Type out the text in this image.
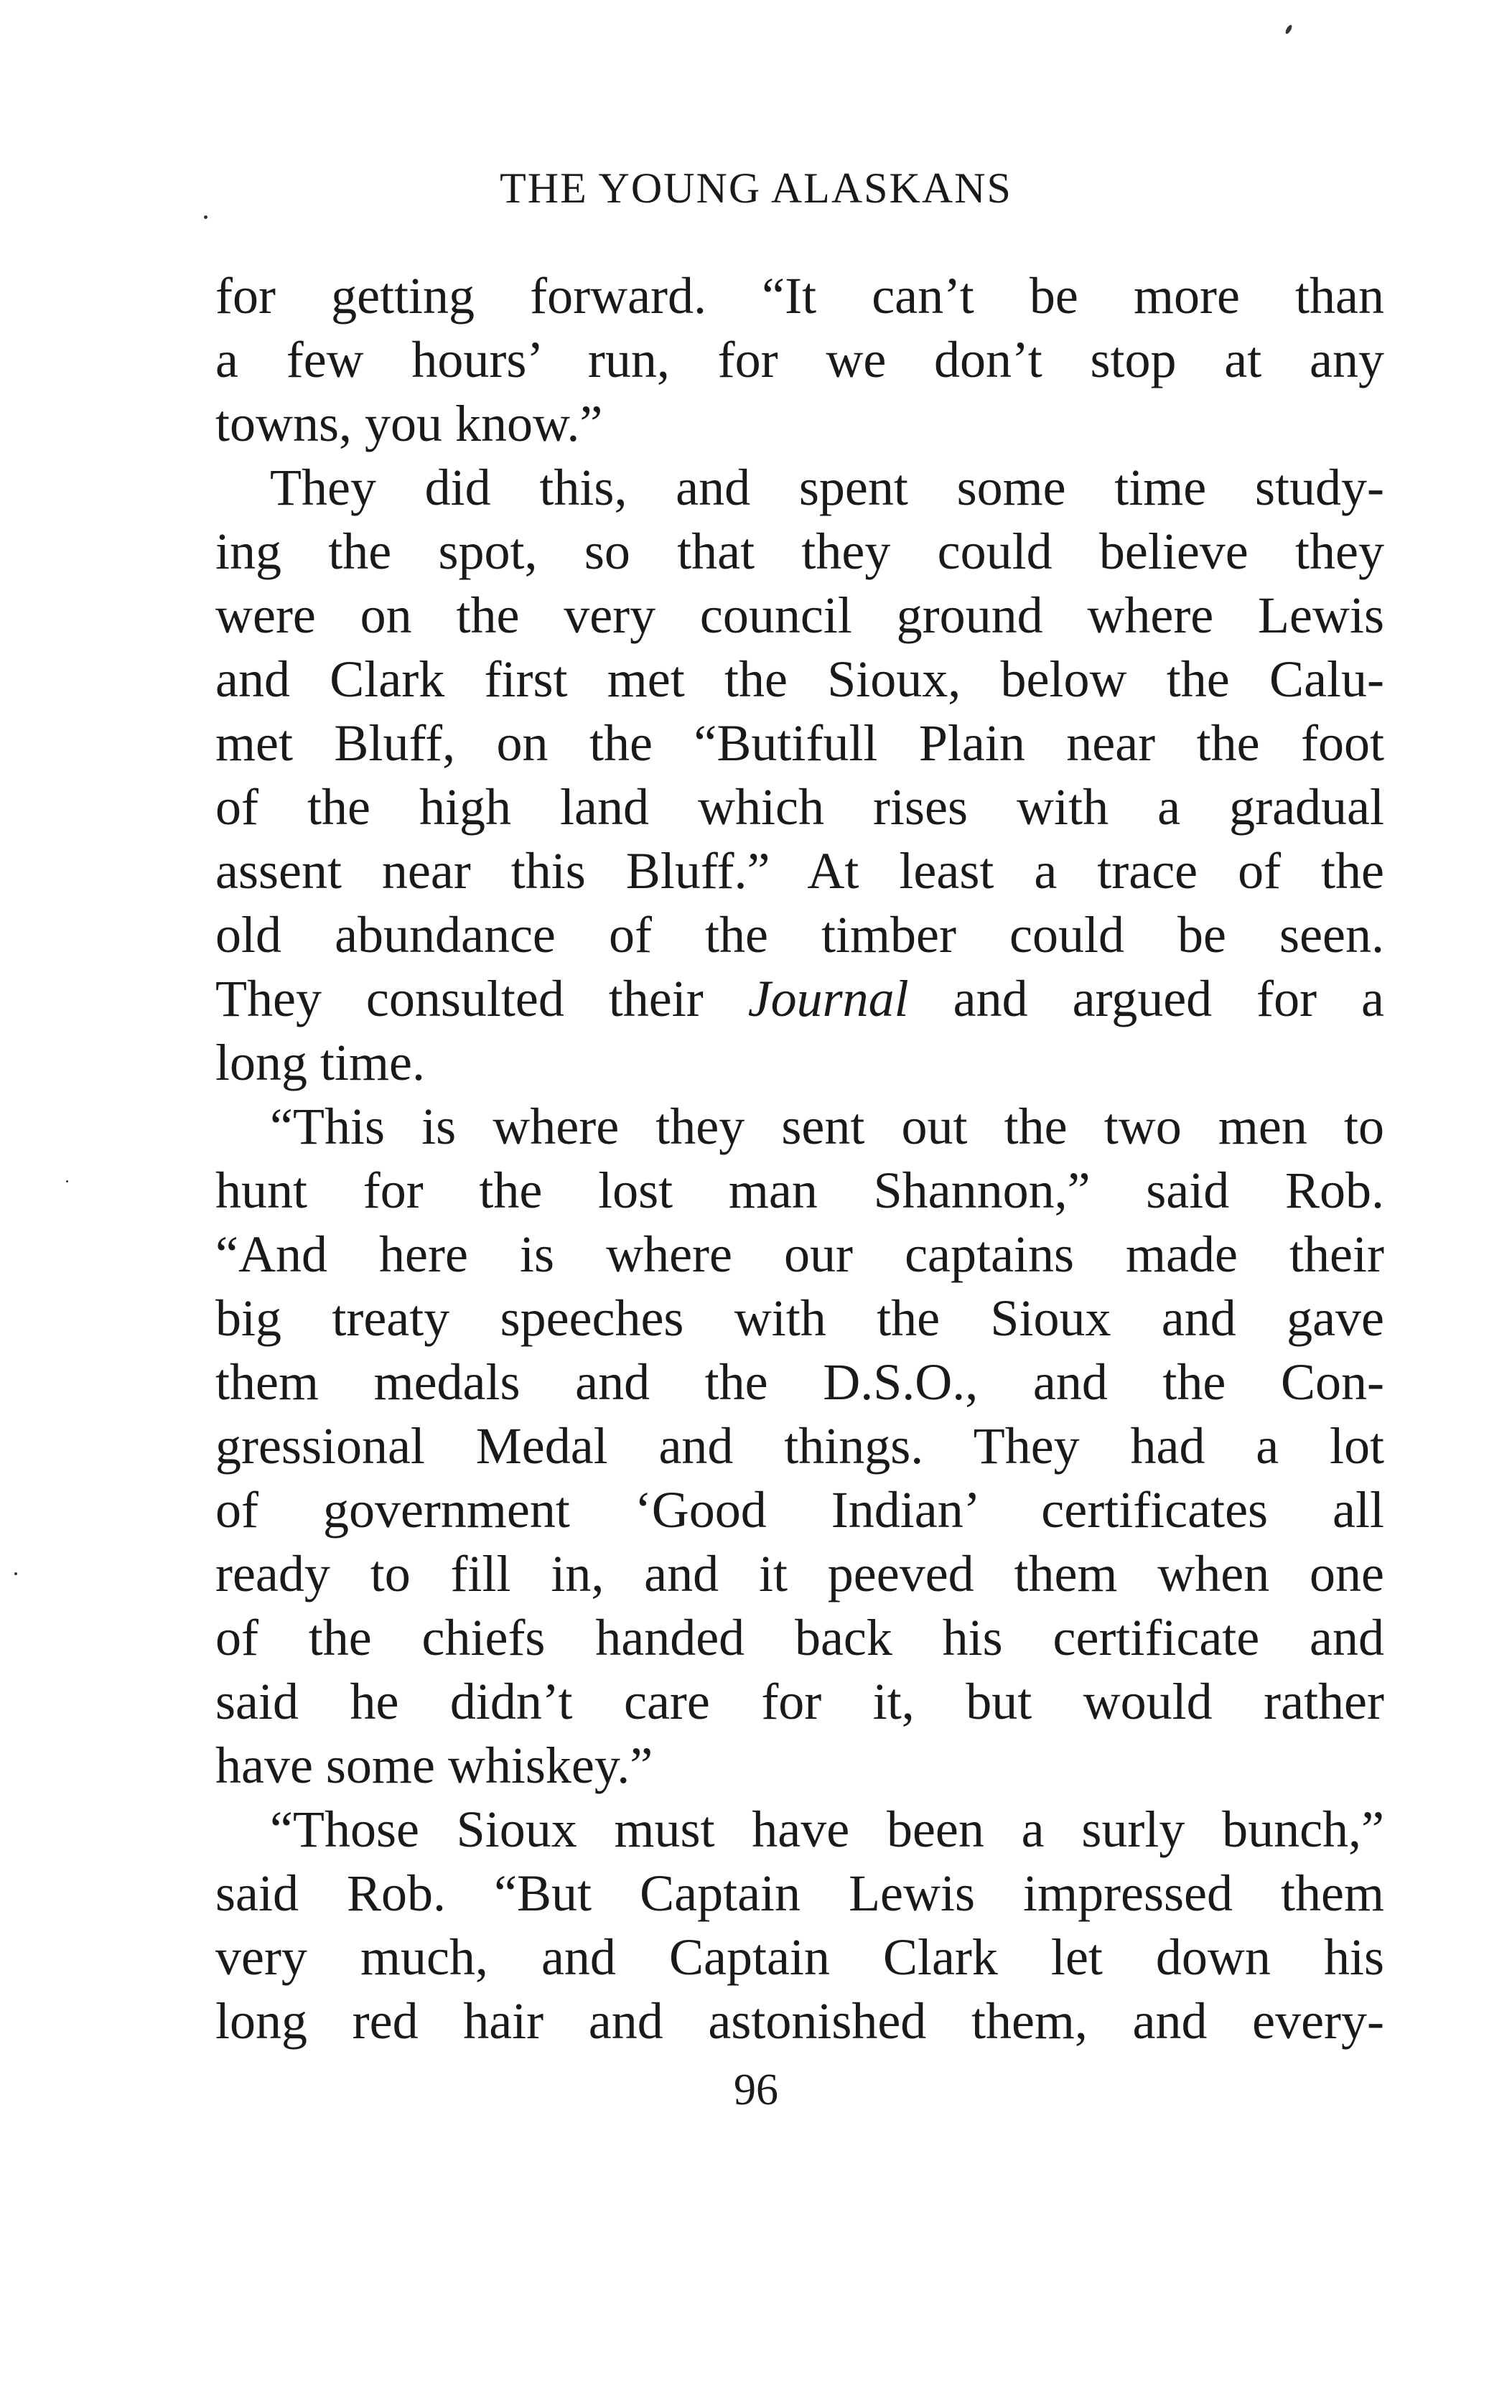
THE YOUNG ALASKANS
for getting forward. “It can’t be more than
a few hours’ run, for we don’t stop at any
towns, you know.”
They did this, and spent some time study-
ing the spot, so that they could believe they
were on the very council ground where Lewis
and Clark first met the Sioux, below the Calu-
met Bluff, on the “Butifull Plain near the foot
of the high land which rises with a gradual
assent near this Bluff.” At least a trace of the
old abundance of the timber could be seen.
They consulted their Journal and argued for a
long time.
“This is where they sent out the two men to
hunt for the lost man Shannon,” said Rob.
“And here is where our captains made their
big treaty speeches with the Sioux and gave
them medals and the D.S.O., and the Con-
gressional Medal and things. They had a lot
of government ‘Good Indian’ certificates all
ready to fill in, and it peeved them when one
of the chiefs handed back his certificate and
said he didn’t care for it, but would rather
have some whiskey.”
“Those Sioux must have been a surly bunch,”
said Rob. “But Captain Lewis impressed them
very much, and Captain Clark let down his
long red hair and astonished them, and every-
96
